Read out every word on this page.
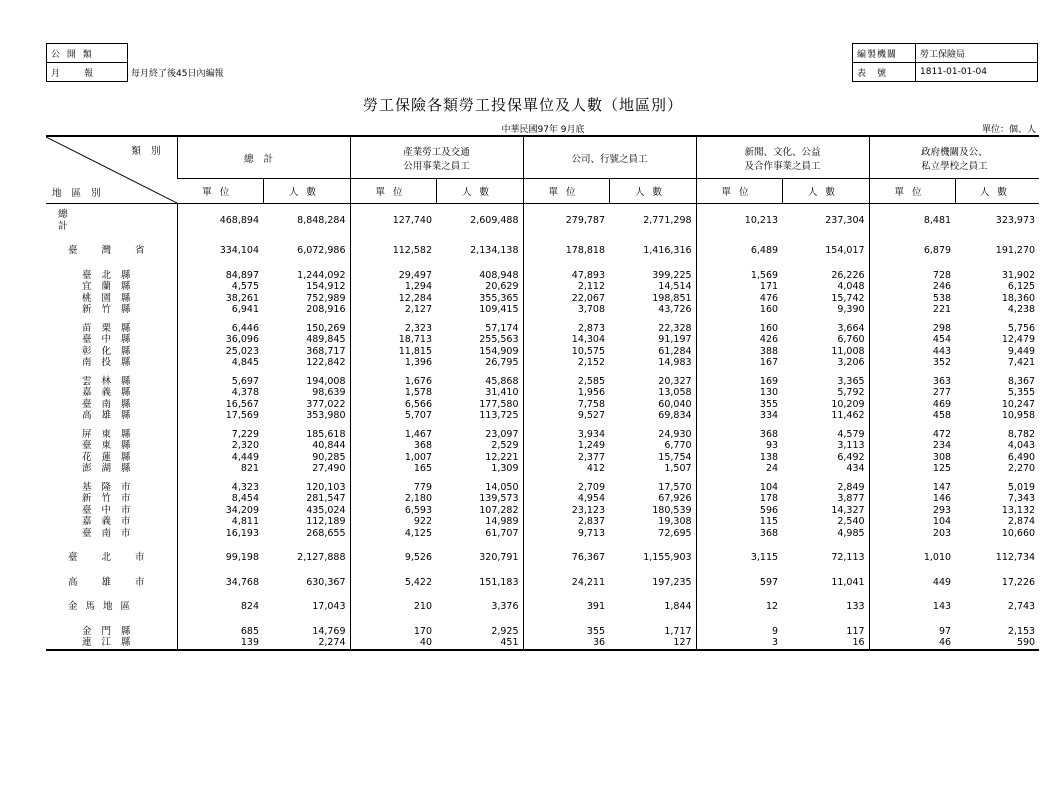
公 開 類
月　　報	每月終了後45日內編報
編製機關	勞工保險局
表　號	1811-01-01-04
勞工保險各類勞工投保單位及人數（地區別）
中華民國97年 9月底	單位：個、人
類別
地區別	總計		產業勞工及交通
公用事業之員工		公司、行號之員工		新聞、文化、公益
及合作事業之員工		政府機關及公、
私立學校之員工	
	單位	人數	單位	人數	單位	人數	單位	人數	單位	人數
總計	468,894	8,848,284	127,740	2,609,488	279,787	2,771,298	10,213	237,304	8,481	323,973

臺灣省	334,104	6,072,986	112,582	2,134,138	178,818	1,416,316	6,489	154,017	6,879	191,270

臺北縣	84,897	1,244,092	29,497	408,948	47,893	399,225	1,569	26,226	728	31,902
宜蘭縣	4,575	154,912	1,294	20,629	2,112	14,514	171	4,048	246	6,125
桃園縣	38,261	752,989	12,284	355,365	22,067	198,851	476	15,742	538	18,360
新竹縣	6,941	208,916	2,127	109,415	3,708	43,726	160	9,390	221	4,238

苗栗縣	6,446	150,269	2,323	57,174	2,873	22,328	160	3,664	298	5,756
臺中縣	36,096	489,845	18,713	255,563	14,304	91,197	426	6,760	454	12,479
彰化縣	25,023	368,717	11,815	154,909	10,575	61,284	388	11,008	443	9,449
南投縣	4,845	122,842	1,396	26,795	2,152	14,983	167	3,206	352	7,421

雲林縣	5,697	194,008	1,676	45,868	2,585	20,327	169	3,365	363	8,367
嘉義縣	4,378	98,639	1,578	31,410	1,956	13,058	130	5,792	277	5,355
臺南縣	16,567	377,022	6,566	177,580	7,758	60,040	355	10,209	469	10,247
高雄縣	17,569	353,980	5,707	113,725	9,527	69,834	334	11,462	458	10,958

屏東縣	7,229	185,618	1,467	23,097	3,934	24,930	368	4,579	472	8,782
臺東縣	2,320	40,844	368	2,529	1,249	6,770	93	3,113	234	4,043
花蓮縣	4,449	90,285	1,007	12,221	2,377	15,754	138	6,492	308	6,490
澎湖縣	821	27,490	165	1,309	412	1,507	24	434	125	2,270

基隆市	4,323	120,103	779	14,050	2,709	17,570	104	2,849	147	5,019
新竹市	8,454	281,547	2,180	139,573	4,954	67,926	178	3,877	146	7,343
臺中市	34,209	435,024	6,593	107,282	23,123	180,539	596	14,327	293	13,132
嘉義市	4,811	112,189	922	14,989	2,837	19,308	115	2,540	104	2,874
臺南市	16,193	268,655	4,125	61,707	9,713	72,695	368	4,985	203	10,660

臺北市	99,198	2,127,888	9,526	320,791	76,367	1,155,903	3,115	72,113	1,010	112,734

高雄市	34,768	630,367	5,422	151,183	24,211	197,235	597	11,041	449	17,226

金馬地區	824	17,043	210	3,376	391	1,844	12	133	143	2,743

金門縣	685	14,769	170	2,925	355	1,717	9	117	97	2,153
連江縣	139	2,274	40	451	36	127	3	16	46	590
